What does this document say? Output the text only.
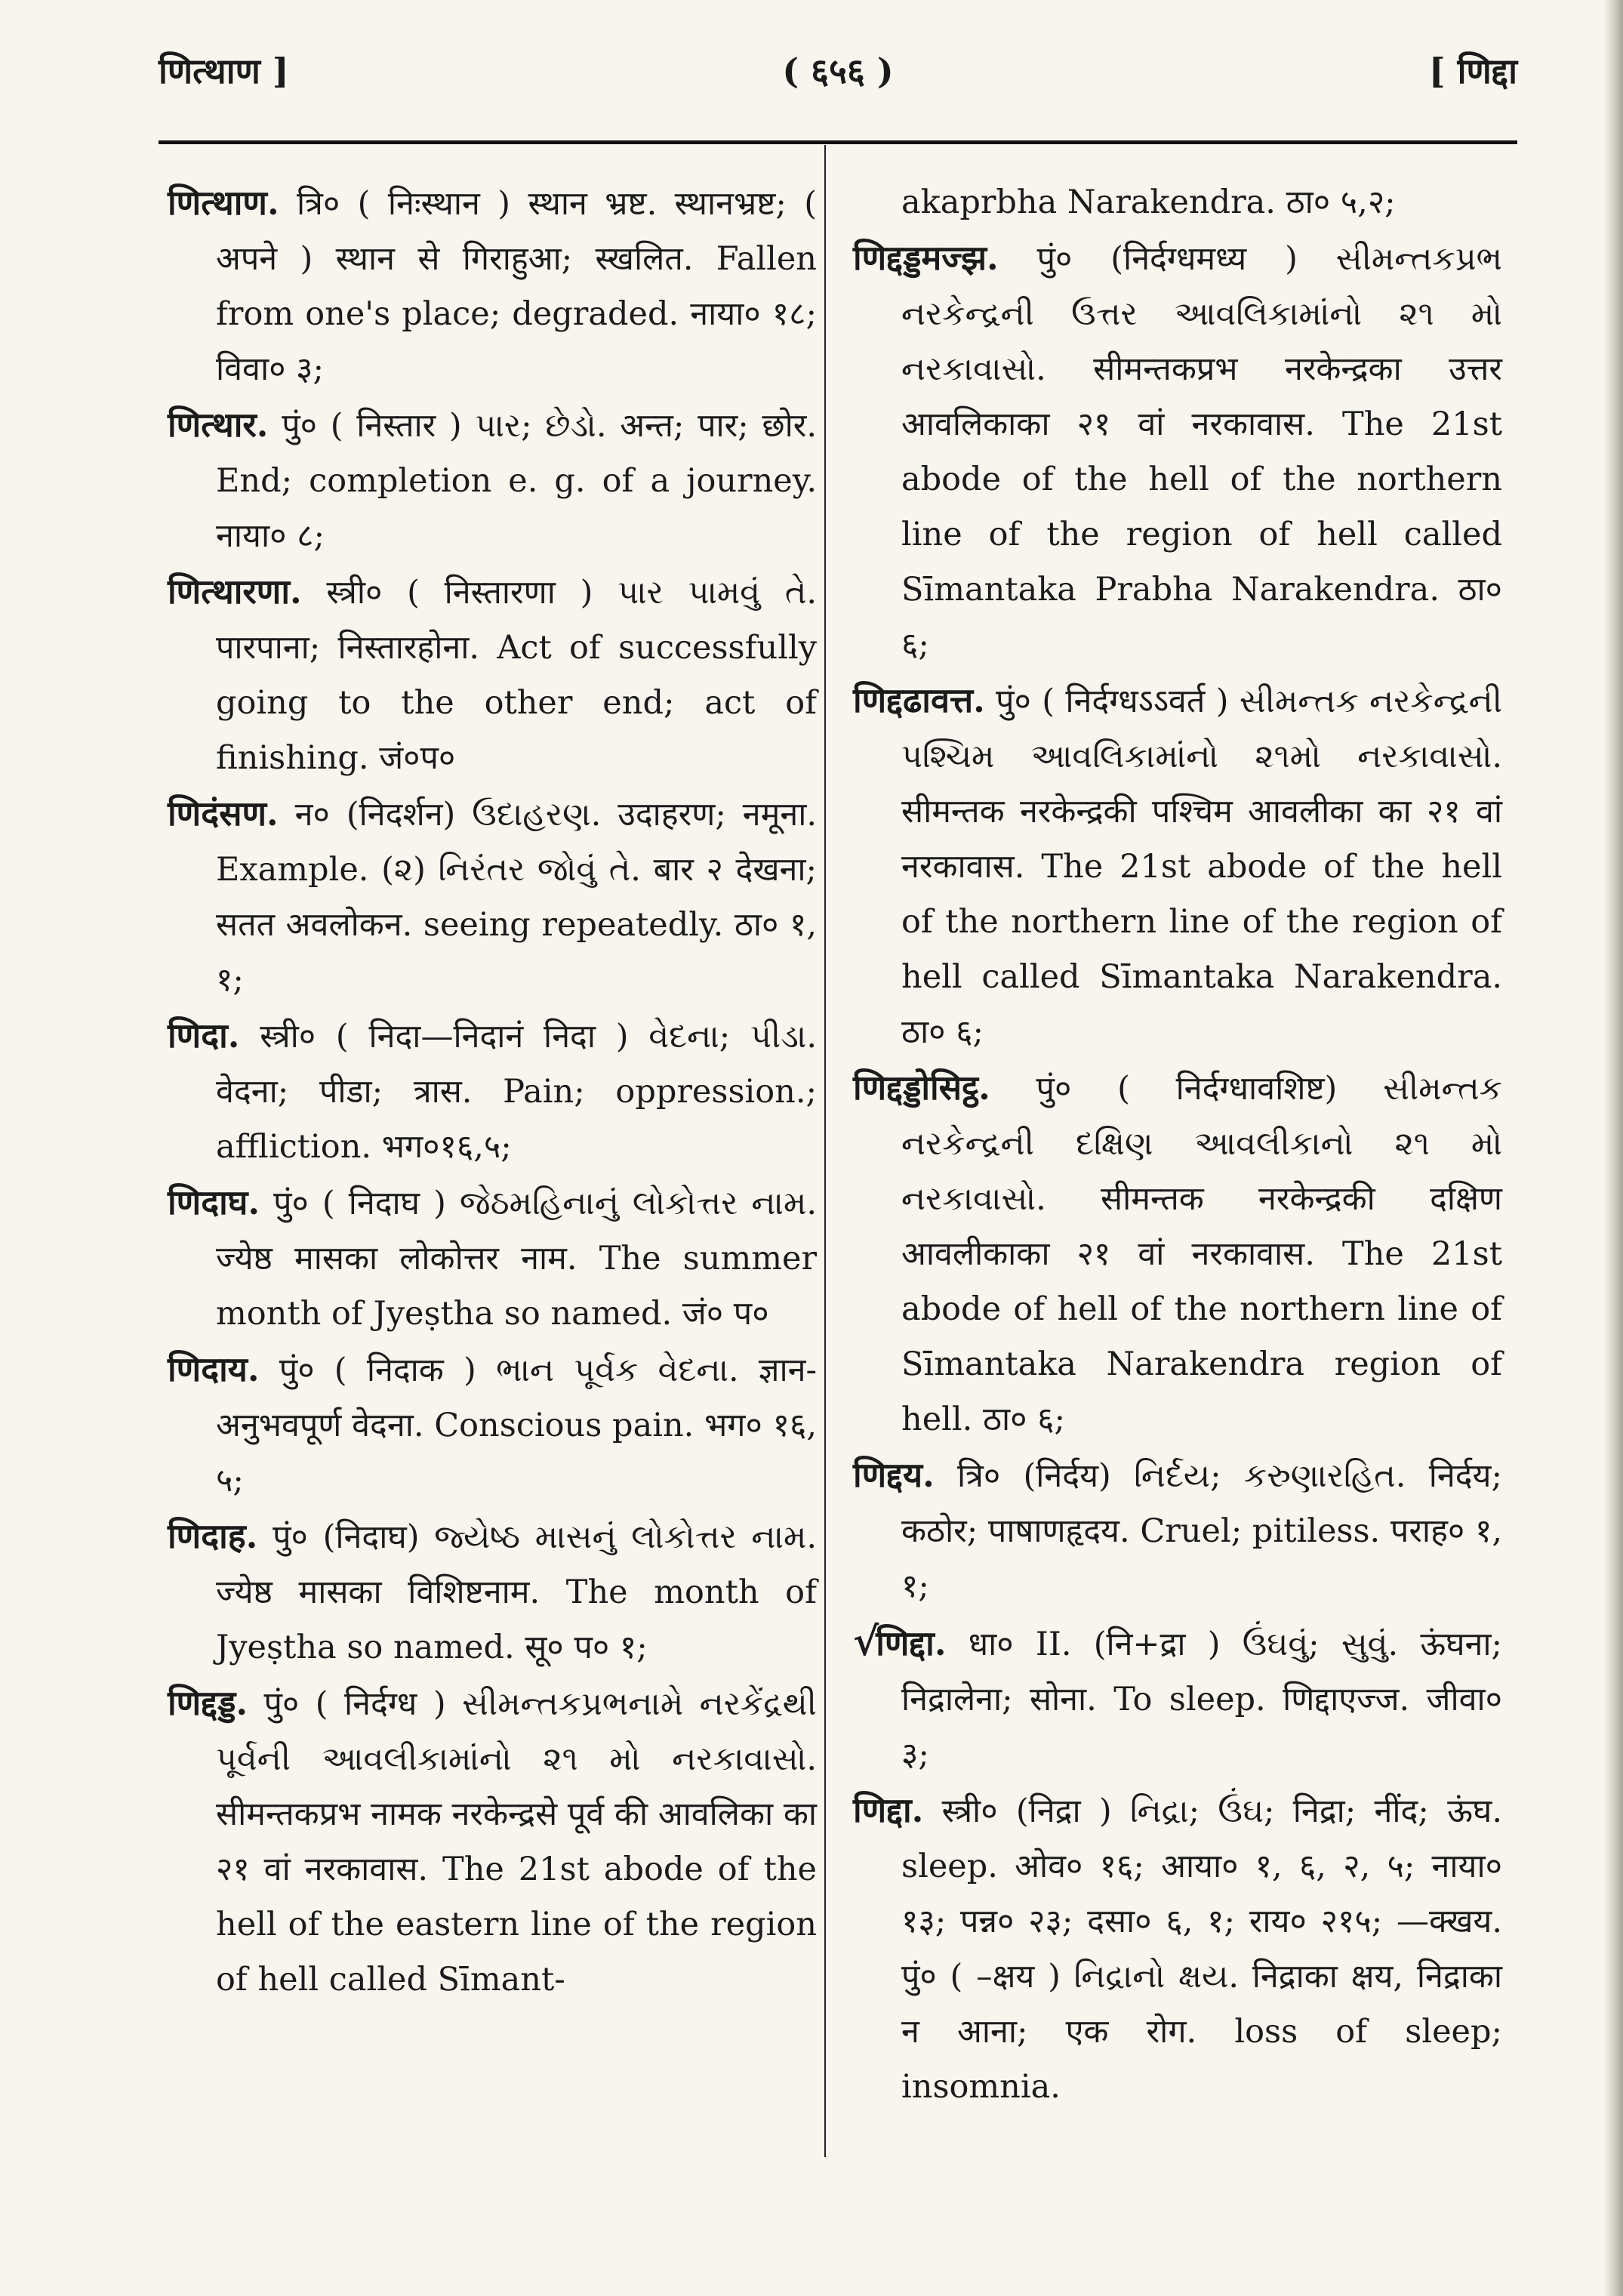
णित्थाण ]	( ६५६ )	[ णिद्दा

णित्थाण. त्रि० ( निःस्थान ) स्थान भ्रष्ट. स्थानभ्रष्ट; ( अपने ) स्थान से गिराहुआ; स्खलित. Fallen from one's place; degraded. नाया० १८; विवा० ३;

णित्थार. पुं० ( निस्तार ) પાર; છેડો. अन्त; पार; छोर. End; completion e. g. of a journey. नाया० ८;

णित्थारणा. स्त्री० ( निस्तारणा ) પાર પામવું તે. पारपाना; निस्तारहोना. Act of successfully going to the other end; act of finishing. जं०प०

णिदंसण. न० (निदर्शन) ઉદાહરણ. उदाहरण; नमूना. Example. (૨) નિરંતર જોવું તે. बार २ देखना; सतत अवलोकन. seeing repeatedly. ठा० १, १;

णिदा. स्त्री० ( निदा—निदानं निदा ) વેદના; પીડા. वेदना; पीडा; त्रास. Pain; oppression.; affliction. भग०१६,५;

णिदाघ. पुं० ( निदाघ ) જેઠમહિનાનું લોકોત્તર નામ. ज्येष्ठ मासका लोकोत्तर नाम. The summer month of Jyeṣtha so named. जं० प०

णिदाय. पुं० ( निदाक ) ભાન પૂર્વક વેદના. ज्ञान-अनुभवपूर्ण वेदना. Conscious pain. भग० १६, ५;

णिदाह. पुं० (निदाघ) જ્યેષ્ઠ માસનું લોકોત્તર નામ. ज्येष्ठ मासका विशिष्टनाम. The month of Jyeṣtha so named. सू० प० १;

णिद्दड्ड. पुं० ( निर्दग्ध ) સીમન્તકપ્રભનામે નરકેંદ્રથી પૂર્વની આવલીકામાંનો ૨૧ મો નરકાવાસો. सीमन्तकप्रभ नामक नरकेन्द्रसे पूर्व की आवलिका का २१ वां नरकावास. The 21st abode of the hell of the eastern line of the region of hell called Sīmant-

akaprbha Narakendra. ठा० ५,२;

णिद्दड्डमज्झ. पुं० (निर्दग्धमध्य ) સીમન્તકપ્રભ નરકેન્દ્રની ઉત્તર આવલિકામાંનો ૨૧ મો નરકાવાસો. सीमन्तकप्रभ नरकेन्द्रका उत्तर आवलिकाका २१ वां नरकावास. The 21st abode of the hell of the northern line of the region of hell called Sīmantaka Prabha Narakendra. ठा० ६;

णिद्दढावत्त. पुं० ( निर्दग्धऽऽवर्त ) સીમન્તક નરકેન્દ્રની પશ્ચિમ આવલિકામાંનો ૨૧મો નરકાવાસો. सीमन्तक नरकेन्द्रकी पश्चिम आवलीका का २१ वां नरकावास. The 21st abode of the hell of the northern line of the region of hell called Sīmantaka Narakendra. ठा० ६;

णिद्दड्डोसिट्ठ. पुं० ( निर्दग्धावशिष्ट) સીમન્તક નરકેન્દ્રની દક્ષિણ આવલીકાનો ૨૧ મો નરકાવાસો. सीमन्तक नरकेन्द्रकी दक्षिण आवलीकाका २१ वां नरकावास. The 21st abode of hell of the northern line of Sīmantaka Narakendra region of hell. ठा० ६;

णिद्दय. त्रि० (निर्दय) નિર્દય; કરુણારહિત. निर्दय; कठोर; पाषाणहृदय. Cruel; pitiless. पराह० १, १;

√णिद्दा. धा० II. (नि+द्रा ) ઉંઘવું; સુવું. ऊंघना; निद्रालेना; सोना. To sleep. णिद्दाएज्ज. जीवा० ३;

णिद्दा. स्त्री० (निद्रा ) નિદ્રા; ઉંઘ; निद्रा; नींद; ऊंघ. sleep. ओव० १६; आया० १, ६, २, ५; नाया० १३; पन्न० २३; दसा० ६, १; राय० २१५; —क्खय. पुं० ( –क्षय ) નિદ્રાનો ક્ષય. निद्राका क्षय, निद्राका न आना; एक रोग. loss of sleep; insomnia.
